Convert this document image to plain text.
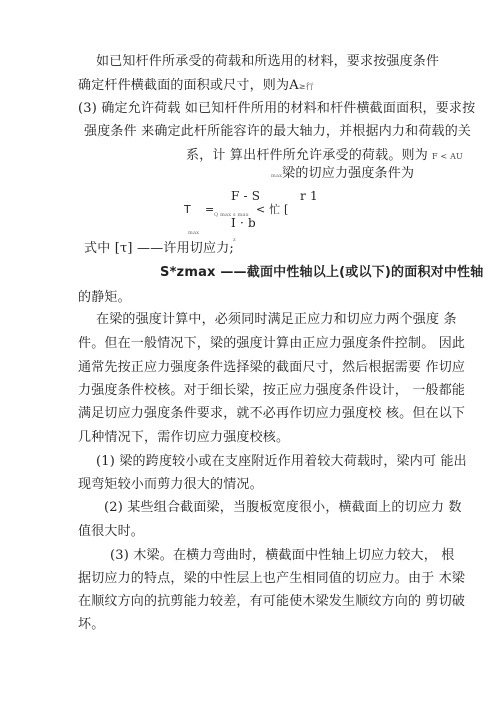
如已知杆件所承受的荷载和所选用的材料，要求按强度条件
确定杆件横截面的面积或尺寸，则为A≥行
(3) 确定允许荷载 如已知杆件所用的材料和杆件横截面面积，要求按
强度条件 来确定此杆所能容许的最大轴力，并根据内力和荷载的关
系，计 算出杆件所允许承受的荷载。则为 F < AU
max梁的切应力强度条件为
F - S	r 1
T = Q max s max < 忙 [
max
I · b
z
式中 [τ] ——许用切应力;
S*zmax ——截面中性轴以上(或以下)的面积对中性轴
的静矩。
在梁的强度计算中，必须同时满足正应力和切应力两个强度 条
件。但在一般情况下，梁的强度计算由正应力强度条件控制。 因此
通常先按正应力强度条件选择梁的截面尺寸，然后根据需要 作切应
力强度条件校核。对于细长梁，按正应力强度条件设计， 一般都能
满足切应力强度条件要求，就不必再作切应力强度校 核。但在以下
几种情况下，需作切应力强度校核。
(1) 梁的跨度较小或在支座附近作用着较大荷载时，梁内可 能出
现弯矩较小而剪力很大的情况。
(2) 某些组合截面梁，当腹板宽度很小，横截面上的切应力 数
值很大时。
(3) 木梁。在横力弯曲时，横截面中性轴上切应力较大， 根
据切应力的特点，梁的中性层上也产生相同值的切应力。由于 木梁
在顺纹方向的抗剪能力较差，有可能使木梁发生顺纹方向的 剪切破
坏。
